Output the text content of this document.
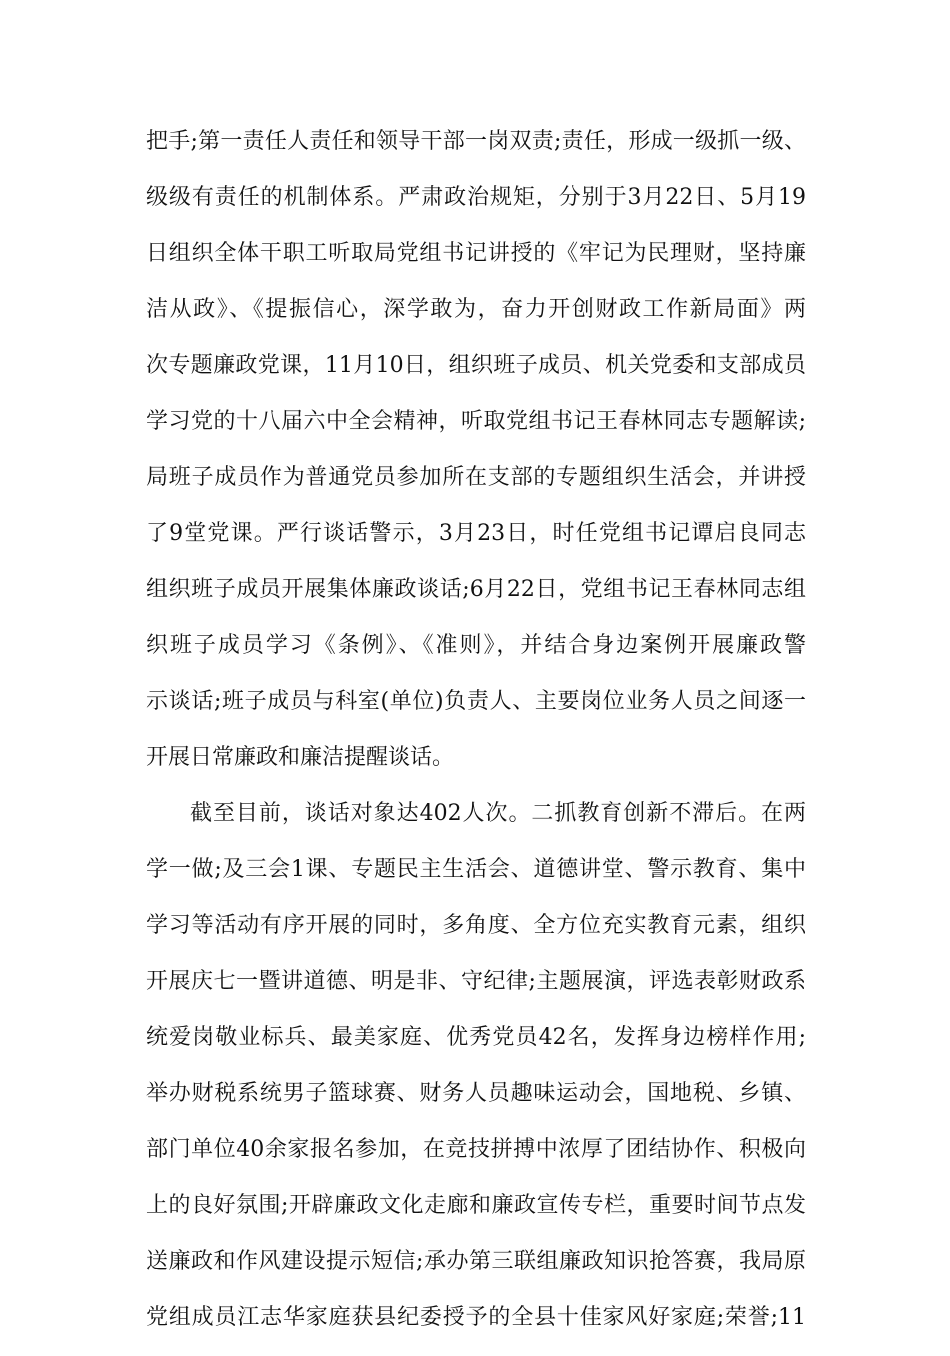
把手;第一责任人责任和领导干部一岗双责;责任，形成一级抓一级、
级级有责任的机制体系。严肃政治规矩，分别于3月22日、5月19
日组织全体干职工听取局党组书记讲授的《牢记为民理财，坚持廉
洁从政》、《提振信心，深学敢为，奋力开创财政工作新局面》两
次专题廉政党课，11月10日，组织班子成员、机关党委和支部成员
学习党的十八届六中全会精神，听取党组书记王春林同志专题解读;
局班子成员作为普通党员参加所在支部的专题组织生活会，并讲授
了9堂党课。严行谈话警示，3月23日，时任党组书记谭启良同志
组织班子成员开展集体廉政谈话;6月22日，党组书记王春林同志组
织班子成员学习《条例》、《准则》，并结合身边案例开展廉政警
示谈话;班子成员与科室(单位)负责人、主要岗位业务人员之间逐一
开展日常廉政和廉洁提醒谈话。
截至目前，谈话对象达402人次。二抓教育创新不滞后。在两
学一做;及三会1课、专题民主生活会、道德讲堂、警示教育、集中
学习等活动有序开展的同时，多角度、全方位充实教育元素，组织
开展庆七一暨讲道德、明是非、守纪律;主题展演，评选表彰财政系
统爱岗敬业标兵、最美家庭、优秀党员42名，发挥身边榜样作用;
举办财税系统男子篮球赛、财务人员趣味运动会，国地税、乡镇、
部门单位40余家报名参加，在竞技拼搏中浓厚了团结协作、积极向
上的良好氛围;开辟廉政文化走廊和廉政宣传专栏，重要时间节点发
送廉政和作风建设提示短信;承办第三联组廉政知识抢答赛，我局原
党组成员江志华家庭获县纪委授予的全县十佳家风好家庭;荣誉;11
